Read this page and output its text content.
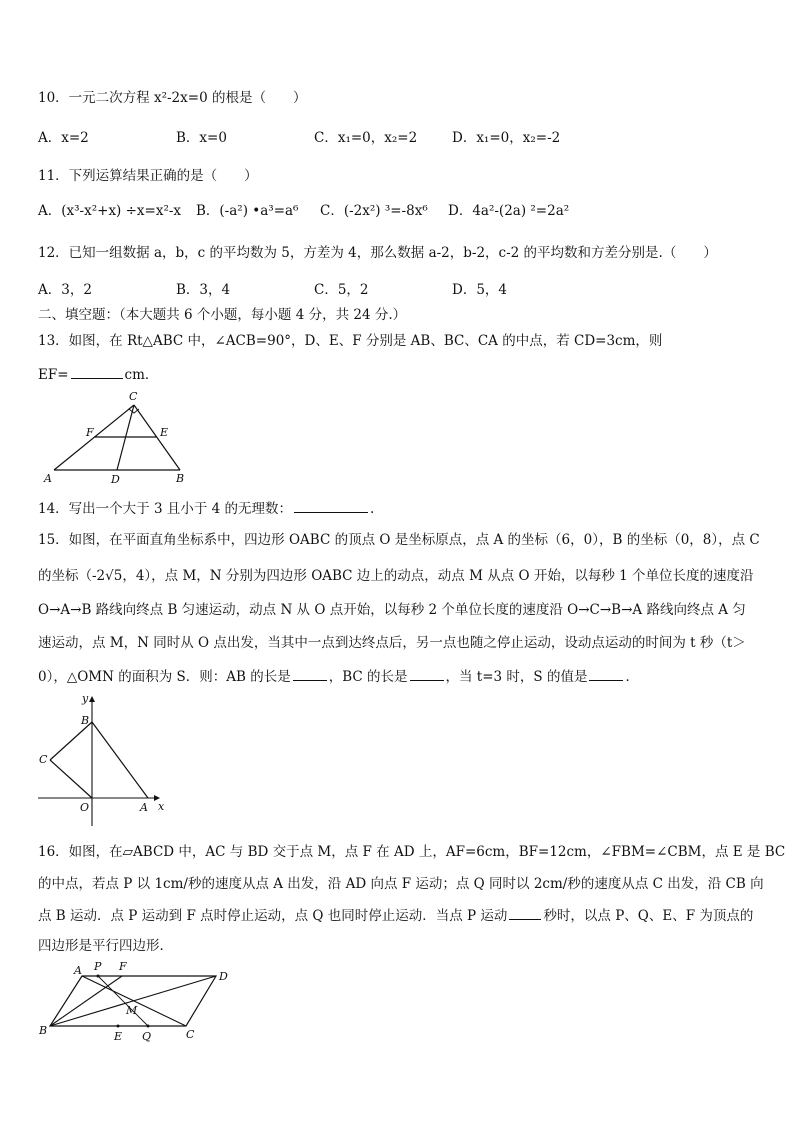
10．一元二次方程 x²-2x=0 的根是（　　）
A．x=2	B．x=0	C．x₁=0，x₂=2	D．x₁=0，x₂=-2
11．下列运算结果正确的是（　　）
A．(x³-x²+x) ÷x=x²-x B．(-a²) •a³=a⁶ C．(-2x²) ³=-8x⁶ D．4a²-(2a) ²=2a²
12．已知一组数据 a，b，c 的平均数为 5，方差为 4，那么数据 a-2，b-2，c-2 的平均数和方差分别是.（　　）
A．3，2	B．3，4	C．5，2	D．5，4
二、填空题：（本大题共 6 个小题，每小题 4 分，共 24 分.）
13．如图，在 Rt△ABC 中，∠ACB=90°，D、E、F 分别是 AB、BC、CA 的中点，若 CD=3cm，则
EF=	cm．
C
F	E
A	D	B
14．写出一个大于 3 且小于 4 的无理数：	.
15．如图，在平面直角坐标系中，四边形 OABC 的顶点 O 是坐标原点，点 A 的坐标（6，0），B 的坐标（0，8），点 C
的坐标（-2√5，4），点 M，N 分别为四边形 OABC 边上的动点，动点 M 从点 O 开始，以每秒 1 个单位长度的速度沿
O→A→B 路线向终点 B 匀速运动，动点 N 从 O 点开始，以每秒 2 个单位长度的速度沿 O→C→B→A 路线向终点 A 匀
速运动，点 M，N 同时从 O 点出发，当其中一点到达终点后，另一点也随之停止运动，设动点运动的时间为 t 秒（t＞
0），△OMN 的面积为 S．则：AB 的长是	，BC 的长是	，当 t=3 时，S 的值是	．
y
B
C
O	A x
16．如图，在▱ABCD 中，AC 与 BD 交于点 M，点 F 在 AD 上，AF=6cm，BF=12cm，∠FBM=∠CBM，点 E 是 BC
的中点，若点 P 以 1cm/秒的速度从点 A 出发，沿 AD 向点 F 运动；点 Q 同时以 2cm/秒的速度从点 C 出发，沿 CB 向
点 B 运动．点 P 运动到 F 点时停止运动，点 Q 也同时停止运动．当点 P 运动	秒时，以点 P、Q、E、F 为顶点的
四边形是平行四边形．
A P F
D
M
B	E Q	C
